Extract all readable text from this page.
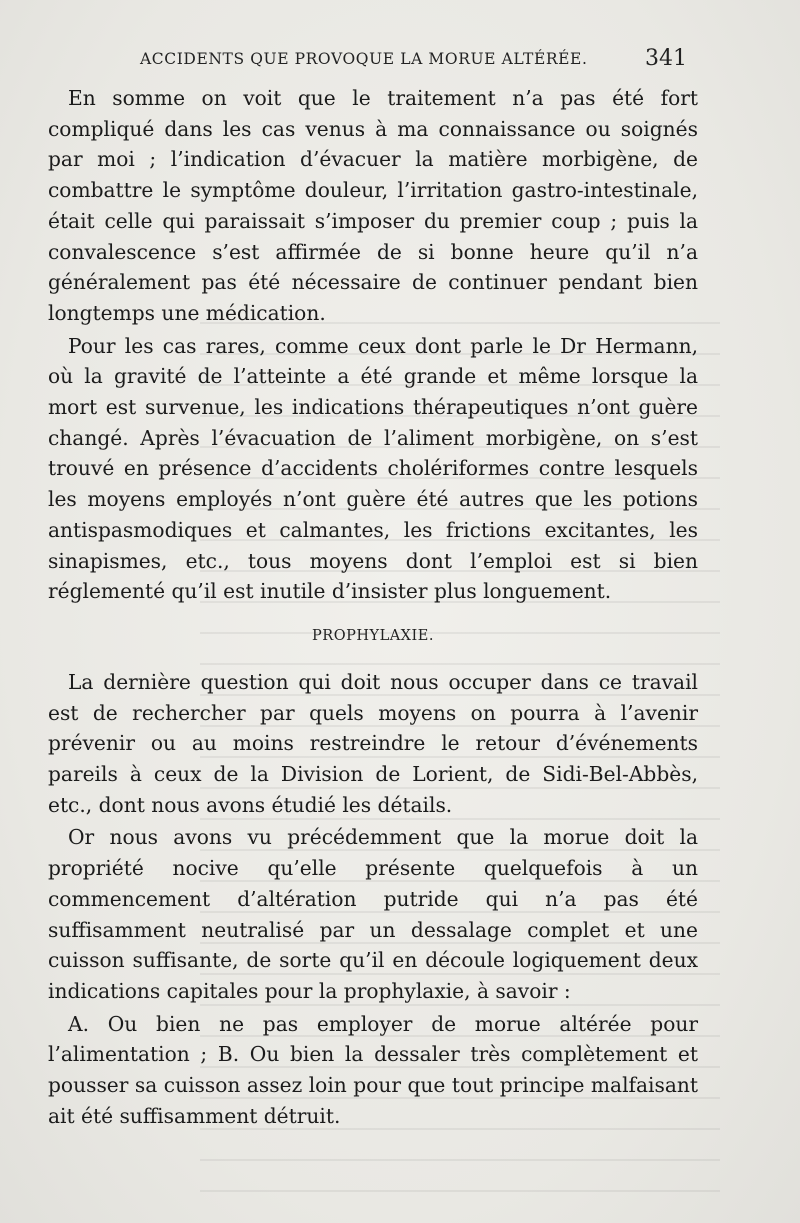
ACCIDENTS QUE PROVOQUE LA MORUE ALTÉRÉE.	341

En somme on voit que le traitement n’a pas été fort compliqué dans les cas venus à ma connaissance ou soignés par moi ; l’indication d’évacuer la matière morbigène, de combattre le symptôme douleur, l’irritation gastro-intestinale, était celle qui paraissait s’imposer du premier coup ; puis la convalescence s’est affirmée de si bonne heure qu’il n’a généralement pas été nécessaire de continuer pendant bien longtemps une médication.

Pour les cas rares, comme ceux dont parle le Dr Hermann, où la gravité de l’atteinte a été grande et même lorsque la mort est survenue, les indications thérapeutiques n’ont guère changé. Après l’évacuation de l’aliment morbigène, on s’est trouvé en présence d’accidents cholériformes contre lesquels les moyens employés n’ont guère été autres que les potions antispasmodiques et calmantes, les frictions excitantes, les sinapismes, etc., tous moyens dont l’emploi est si bien réglementé qu’il est inutile d’insister plus longuement.

PROPHYLAXIE.

La dernière question qui doit nous occuper dans ce travail est de rechercher par quels moyens on pourra à l’avenir prévenir ou au moins restreindre le retour d’événements pareils à ceux de la Division de Lorient, de Sidi-Bel-Abbès, etc., dont nous avons étudié les détails.

Or nous avons vu précédemment que la morue doit la propriété nocive qu’elle présente quelquefois à un commencement d’altération putride qui n’a pas été suffisamment neutralisé par un dessalage complet et une cuisson suffisante, de sorte qu’il en découle logiquement deux indications capitales pour la prophylaxie, à savoir :

A. Ou bien ne pas employer de morue altérée pour l’alimentation ; B. Ou bien la dessaler très complètement et pousser sa cuisson assez loin pour que tout principe malfaisant ait été suffisamment détruit.
